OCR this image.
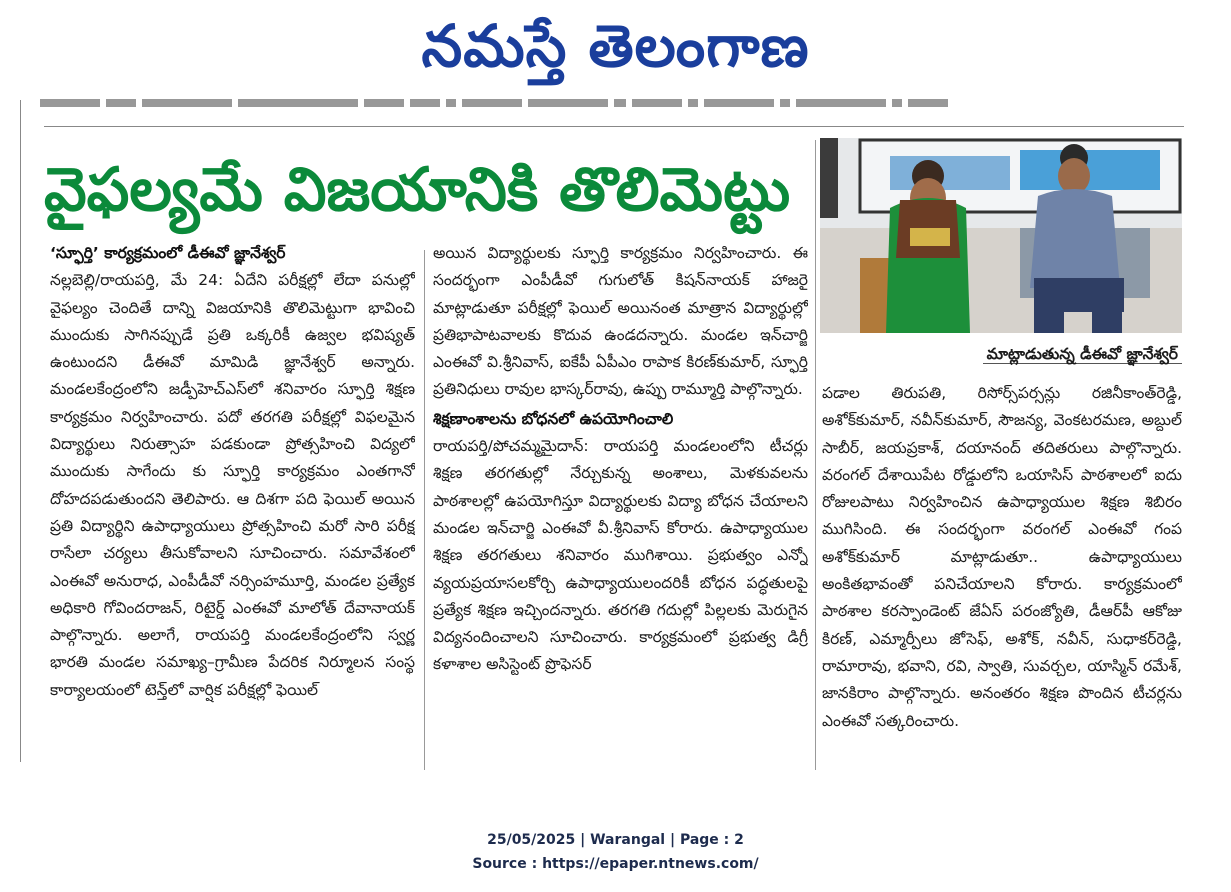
నమస్తే తెలంగాణ
వైఫల్యమే విజయానికి తొలిమెట్టు

‘స్ఫూర్తి’ కార్యక్రమంలో డీఈవో జ్ఞానేశ్వర్

నల్లబెల్లి/రాయపర్తి, మే 24: ఏదేని పరీక్షల్లో లేదా పనుల్లో వైఫల్యం చెందితే దాన్ని విజయానికి తొలిమెట్టుగా భావించి ముందుకు సాగినప్పుడే ప్రతి ఒక్కరికీ ఉజ్వల భవిష్యత్ ఉంటుందని డీఈవో మామిడి జ్ఞానేశ్వర్ అన్నారు. మండలకేంద్రంలోని జడ్పీహెచ్‌ఎస్‌లో శనివారం స్ఫూర్తి శిక్షణ కార్యక్రమం నిర్వహించారు. పదో తరగతి పరీక్షల్లో విఫలమైన విద్యార్థులు నిరుత్సాహ పడకుండా ప్రోత్సహించి విద్యలో ముందుకు సాగేందు కు స్ఫూర్తి కార్యక్రమం ఎంతగానో దోహదపడుతుందని తెలిపారు. ఆ దిశగా పది ఫెయిల్ అయిన ప్రతి విద్యార్థిని ఉపాధ్యాయులు ప్రోత్సహించి మరో సారి పరీక్ష రాసేలా చర్యలు తీసుకోవాలని సూచించారు. సమావేశంలో ఎంఈవో అనురాధ, ఎంపీడీవో నర్సింహమూర్తి, మండల ప్రత్యేక అధికారి గోవిందరాజన్, రిటైర్డ్ ఎంఈవో మాలోత్ దేవానాయక్ పాల్గొన్నారు. అలాగే, రాయపర్తి మండలకేంద్రంలోని స్వర్ణ భారతి మండల సమాఖ్య–గ్రామీణ పేదరిక నిర్మూలన సంస్థ కార్యాలయంలో టెన్త్‌లో వార్షిక పరీక్షల్లో ఫెయిల్

అయిన విద్యార్థులకు స్ఫూర్తి కార్యక్రమం నిర్వహించారు. ఈ సందర్భంగా ఎంపీడీవో గుగులోత్ కిషన్‌నాయక్ హాజరై మాట్లాడుతూ పరీక్షల్లో ఫెయిల్ అయినంత మాత్రాన విద్యార్థుల్లో ప్రతిభాపాటవాలకు కొదువ ఉండదన్నారు. మండల ఇన్‌చార్జి ఎంఈవో వి.శ్రీనివాస్, ఐకేపీ ఏపీఎం రాపాక కిరణ్‌కుమార్, స్ఫూర్తి ప్రతినిధులు రావుల భాస్కర్‌రావు, ఉప్పు రామ్మూర్తి పాల్గొన్నారు.

శిక్షణాంశాలను బోధనలో ఉపయోగించాలి

రాయపర్తి/పోచమ్మమైదాన్: రాయపర్తి మండలంలోని టీచర్లు శిక్షణ తరగతుల్లో నేర్చుకున్న అంశాలు, మెళకువలను పాఠశాలల్లో ఉపయోగిస్తూ విద్యార్థులకు విద్యా బోధన చేయాలని మండల ఇన్‌చార్జి ఎంఈవో వీ.శ్రీనివాస్ కోరారు. ఉపాధ్యాయుల శిక్షణ తరగతులు శనివారం ముగిశాయి. ప్రభుత్వం ఎన్నో వ్యయప్రయాసలకోర్చి ఉపాధ్యాయులందరికీ బోధన పద్ధతులపై ప్రత్యేక శిక్షణ ఇచ్చిందన్నారు. తరగతి గదుల్లో పిల్లలకు మెరుగైన విద్యనందించాలని సూచించారు. కార్యక్రమంలో ప్రభుత్వ డిగ్రీ కళాశాల అసిస్టెంట్ ప్రొఫెసర్

మాట్లాడుతున్న డీఈవో జ్ఞానేశ్వర్

పడాల తిరుపతి, రిసోర్స్‌పర్సన్లు రజినీకాంత్‌రెడ్డి, అశోక్‌కుమార్, నవీన్‌కుమార్, సౌజన్య, వెంకటరమణ, అబ్దుల్ సాబీర్, జయప్రకాశ్, దయానంద్ తదితరులు పాల్గొన్నారు. వరంగల్ దేశాయిపేట రోడ్డులోని ఒయాసిస్ పాఠశాలలో ఐదు రోజులపాటు నిర్వహించిన ఉపాధ్యాయుల శిక్షణ శిబిరం ముగిసింది. ఈ సందర్భంగా వరంగల్ ఎంఈవో గంప అశోక్‌కుమార్ మాట్లాడుతూ.. ఉపాధ్యాయులు అంకితభావంతో పనిచేయాలని కోరారు. కార్యక్రమంలో పాఠశాల కరస్పాండెంట్ జేఏస్ పరంజ్యోతి, డీఆర్‌పీ ఆకోజు కిరణ్, ఎమ్మార్పీలు జోసెఫ్, అశోక్, నవీన్, సుధాకర్‌రెడ్డి, రామారావు, భవాని, రవి, స్వాతి, సువర్చల, యాస్మిన్ రమేశ్, జానకిరాం పాల్గొన్నారు. అనంతరం శిక్షణ పొందిన టీచర్లను ఎంఈవో సత్కరించారు.

25/05/2025 | Warangal | Page : 2
Source : https://epaper.ntnews.com/
